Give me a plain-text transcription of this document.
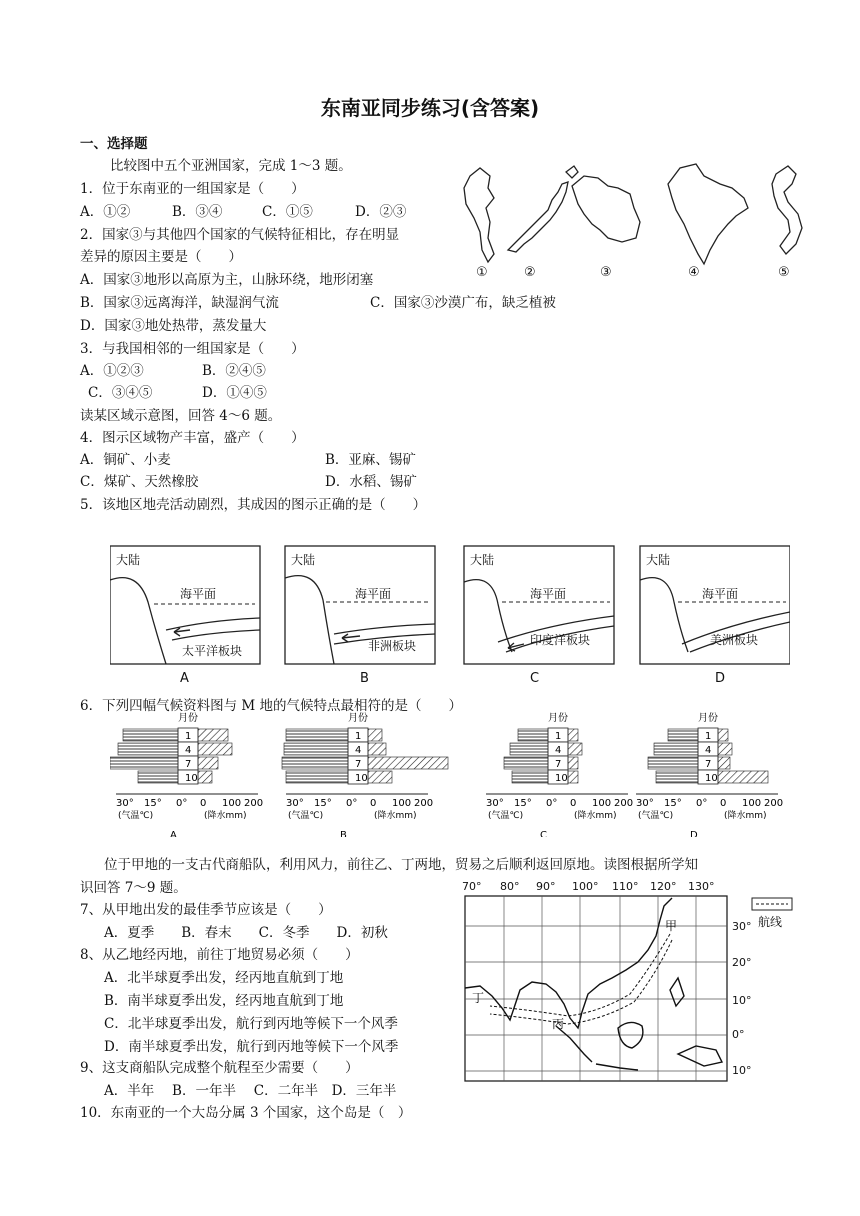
东南亚同步练习(含答案)
一、选择题
比较图中五个亚洲国家，完成 1～3 题。
1．位于东南亚的一组国家是（　　）
A．①②	B．③④	C．①⑤	D．②③
2．国家③与其他四个国家的气候特征相比，存在明显
差异的原因主要是（　　）
A．国家③地形以高原为主，山脉环绕，地形闭塞
B．国家③远离海洋，缺湿润气流	C．国家③沙漠广布，缺乏植被
D．国家③地处热带，蒸发量大
3．与我国相邻的一组国家是（　　）
A．①②③	B．②④⑤
C．③④⑤	D．①④⑤
读某区域示意图，回答 4～6 题。
4．图示区域物产丰富，盛产（　　）
A．铜矿、小麦	B．亚麻、锡矿
C．煤矿、天然橡胶	D．水稻、锡矿
5．该地区地壳活动剧烈，其成因的图示正确的是（　　）
①	②	③	④	⑤
大陆
海平面
太平洋板块
大陆
海平面
非洲板块
大陆
海平面
印度洋板块
大陆
海平面
美洲板块
A	B	C	D
6．下列四幅气候资料图与 M 地的气候特点最相符的是（　　）
月份
1
4
7
10
30° 15° 0° 0 100 200
(气温℃)	(降水mm)
A
月份
1
4
7
10
30° 15° 0° 0 100 200
(气温℃)	(降水mm)
B
月份
1
4
7
10
30° 15° 0° 0 100 200
(气温℃)	(降水mm)
C
月份
1
4
7
10
30° 15° 0° 0 100 200
(气温℃)	(降水mm)
D
位于甲地的一支古代商船队，利用风力，前往乙、丁两地，贸易之后顺利返回原地。读图根据所学知
识回答 7～9 题。
7、从甲地出发的最佳季节应该是（　　）
A．夏季　　B．春末　　C．冬季　　D．初秋
8、从乙地经丙地，前往丁地贸易必须（　　）
A．北半球夏季出发，经丙地直航到丁地
B．南半球夏季出发，经丙地直航到丁地
C．北半球夏季出发，航行到丙地等候下一个风季
D．南半球夏季出发，航行到丙地等候下一个风季
9、这支商船队完成整个航程至少需要（　　）
A．半年　 B．一年半　 C．二年半　D．三年半
10．东南亚的一个大岛分属 3 个国家，这个岛是（　）
70° 80° 90° 100° 110° 120° 130°
30°
20°
10°
0°
10°
甲
丁
丙
航线
